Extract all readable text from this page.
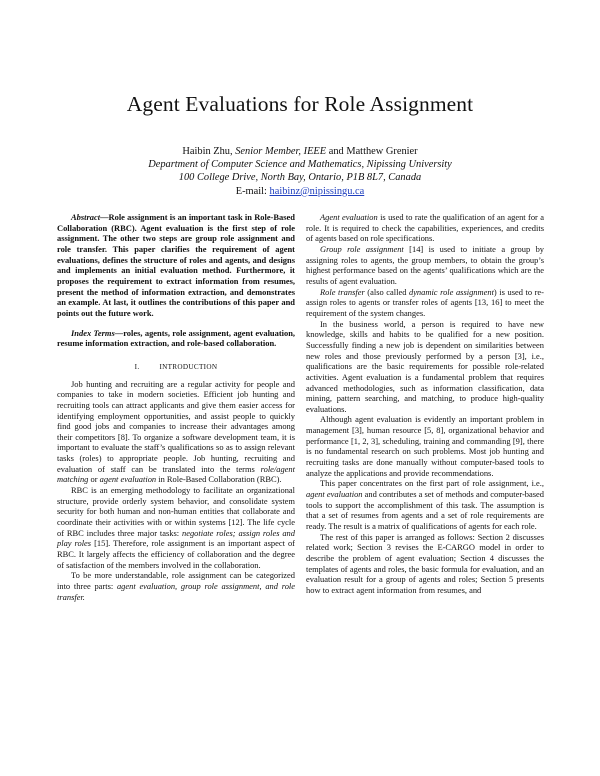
Agent Evaluations for Role Assignment
Haibin Zhu, Senior Member, IEEE and Matthew Grenier
Department of Computer Science and Mathematics, Nipissing University
100 College Drive, North Bay, Ontario, P1B 8L7, Canada
E-mail: haibinz@nipissingu.ca

Abstract—Role assignment is an important task in Role-Based Collaboration (RBC). Agent evaluation is the first step of role assignment. The other two steps are group role assignment and role transfer. This paper clarifies the requirement of agent evaluations, defines the structure of roles and agents, and designs and implements an initial evaluation method. Furthermore, it proposes the requirement to extract information from resumes, present the method of information extraction, and demonstrates an example. At last, it outlines the contributions of this paper and points out the future work.

Index Terms—roles, agents, role assignment, agent evaluation, resume information extraction, and role-based collaboration.

I.	INTRODUCTION

Job hunting and recruiting are a regular activity for people and companies to take in modern societies. Efficient job hunting and recruiting tools can attract applicants and give them easier access for identifying employment opportunities, and assist people to quickly find good jobs and companies to increase their advantages among their competitors [8]. To organize a software development team, it is important to evaluate the staff’s qualifications so as to assign relevant tasks (roles) to appropriate people. Job hunting, recruiting and evaluation of staff can be translated into the terms role/agent matching or agent evaluation in Role-Based Collaboration (RBC).

RBC is an emerging methodology to facilitate an organizational structure, provide orderly system behavior, and consolidate system security for both human and non-human entities that collaborate and coordinate their activities with or within systems [12]. The life cycle of RBC includes three major tasks: negotiate roles; assign roles and play roles [15]. Therefore, role assignment is an important aspect of RBC. It largely affects the efficiency of collaboration and the degree of satisfaction of the members involved in the collaboration.

To be more understandable, role assignment can be categorized into three parts: agent evaluation, group role assignment, and role transfer.

Agent evaluation is used to rate the qualification of an agent for a role. It is required to check the capabilities, experiences, and credits of agents based on role specifications.

Group role assignment [14] is used to initiate a group by assigning roles to agents, the group members, to obtain the group’s highest performance based on the agents’ qualifications which are the results of agent evaluation.

Role transfer (also called dynamic role assignment) is used to re-assign roles to agents or transfer roles of agents [13, 16] to meet the requirement of the system changes.

In the business world, a person is required to have new knowledge, skills and habits to be qualified for a new position. Successfully finding a new job is dependent on similarities between new roles and those previously performed by a person [3], i.e., qualifications are the basic requirements for possible role-related activities. Agent evaluation is a fundamental problem that requires advanced methodologies, such as information classification, data mining, pattern searching, and matching, to produce high-quality evaluations.

Although agent evaluation is evidently an important problem in management [3], human resource [5, 8], organizational behavior and performance [1, 2, 3], scheduling, training and commanding [9], there is no fundamental research on such problems. Most job hunting and recruiting tasks are done manually without computer-based tools to analyze the applications and provide recommendations.

This paper concentrates on the first part of role assignment, i.e., agent evaluation and contributes a set of methods and computer-based tools to support the accomplishment of this task. The assumption is that a set of resumes from agents and a set of role requirements are ready. The result is a matrix of qualifications of agents for each role.

The rest of this paper is arranged as follows: Section 2 discusses related work; Section 3 revises the E-CARGO model in order to describe the problem of agent evaluation; Section 4 discusses the templates of agents and roles, the basic formula for evaluation, and an evaluation result for a group of agents and roles; Section 5 presents how to extract agent information from resumes, and
